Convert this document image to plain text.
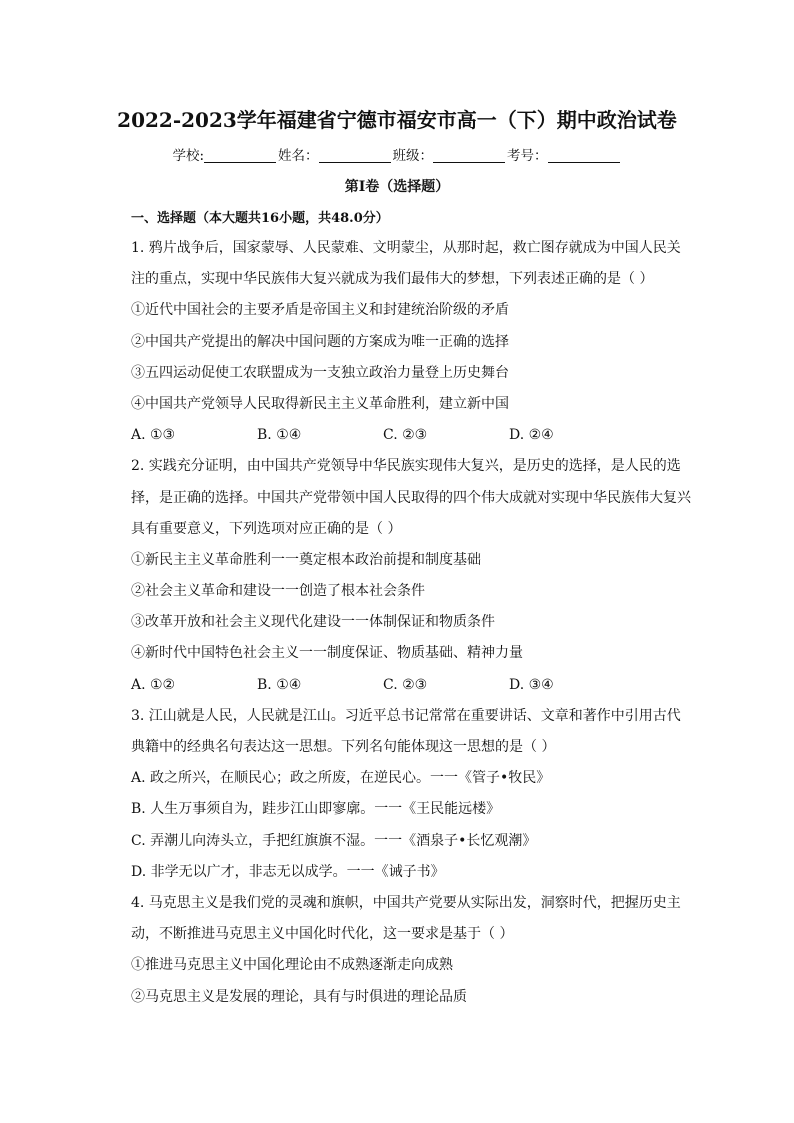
2022-2023学年福建省宁德市福安市高一（下）期中政治试卷
学校:	姓名：	班级：	考号：
第Ⅰ卷（选择题）
一、选择题（本大题共16小题，共48.0分）
1. 鸦片战争后，国家蒙辱、人民蒙难、文明蒙尘，从那时起，救亡图存就成为中国人民关
注的重点，实现中华民族伟大复兴就成为我们最伟大的梦想，下列表述正确的是（ ）
①近代中国社会的主要矛盾是帝国主义和封建统治阶级的矛盾
②中国共产党提出的解决中国问题的方案成为唯一正确的选择
③五四运动促使工农联盟成为一支独立政治力量登上历史舞台
④中国共产党领导人民取得新民主主义革命胜利，建立新中国
A. ①③	B. ①④	C. ②③	D. ②④
2. 实践充分证明，由中国共产党领导中华民族实现伟大复兴，是历史的选择，是人民的选
择，是正确的选择。中国共产党带领中国人民取得的四个伟大成就对实现中华民族伟大复兴
具有重要意义，下列选项对应正确的是（ ）
①新民主主义革命胜利一一奠定根本政治前提和制度基础
②社会主义革命和建设一一创造了根本社会条件
③改革开放和社会主义现代化建设一一体制保证和物质条件
④新时代中国特色社会主义一一制度保证、物质基础、精神力量
A. ①②	B. ①④	C. ②③	D. ③④
3. 江山就是人民，人民就是江山。习近平总书记常常在重要讲话、文章和著作中引用古代
典籍中的经典名句表达这一思想。下列名句能体现这一思想的是（ ）
A. 政之所兴，在顺民心；政之所废，在逆民心。一一《管子•牧民》
B. 人生万事须自为，跬步江山即寥廓。一一《王民能远楼》
C. 弄潮儿向涛头立，手把红旗旗不湿。一一《酒泉子•长忆观潮》
D. 非学无以广才，非志无以成学。一一《诫子书》
4. 马克思主义是我们党的灵魂和旗帜，中国共产党要从实际出发，洞察时代，把握历史主
动，不断推进马克思主义中国化时代化，这一要求是基于（ ）
①推进马克思主义中国化理论由不成熟逐渐走向成熟
②马克思主义是发展的理论，具有与时俱进的理论品质
